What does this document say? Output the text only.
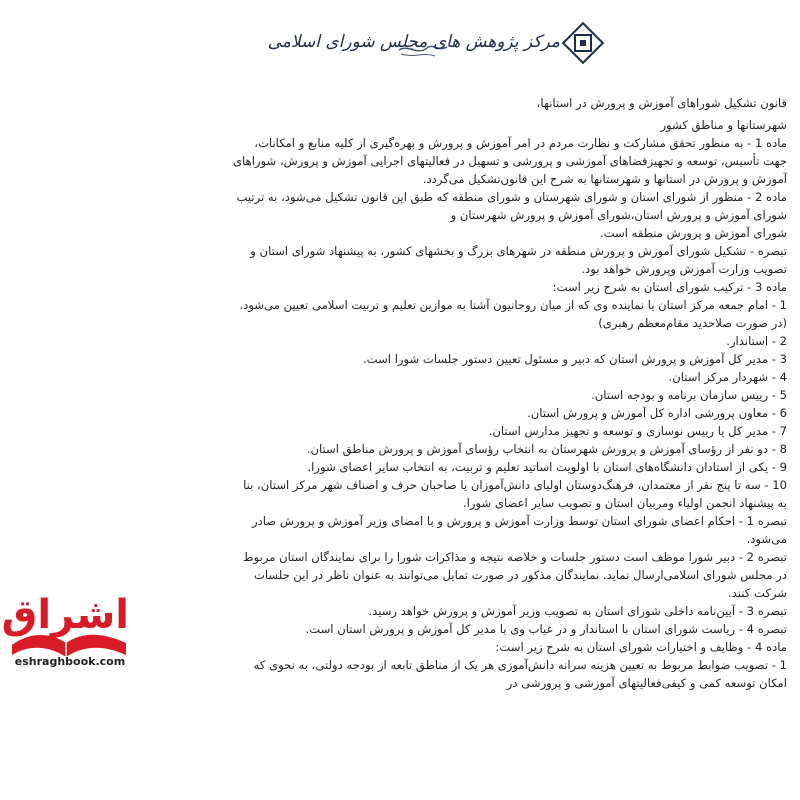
مرکز پژوهش های مجلس شورای اسلامی

قانون تشکیل شوراهای آموزش و پرورش در استانها،

شهرستانها و مناطق کشور

ماده 1 - به منظور تحقق مشارکت و نظارت مردم در امر آموزش و پرورش و بهره‌گیری از کلیه منابع و امکانات، جهت تأسیس، توسعه و تجهیزفضاهای آموزشی و پرورشی و تسهیل در فعالیتهای اجرایی آموزش و پرورش، شوراهای آموزش و پرورش در استانها و شهرستانها به شرح این قانون‌تشکیل می‌گردد.

ماده 2 - منظور از شورای استان و شورای شهرستان و شورای منطقه که طبق این قانون تشکیل می‌شود، به ترتیب شورای آموزش و پرورش استان،شورای آموزش و پرورش شهرستان و

شورای آموزش و پرورش منطقه است.

تبصره - تشکیل شورای آموزش و پرورش منطقه در شهرهای بزرگ و بخشهای کشور، به پیشنهاد شورای استان و تصویب وزارت آموزش وپرورش خواهد بود.

ماده 3 - ترکیب شورای استان به شرح زیر است:

1 - امام جمعه مرکز استان یا نماینده وی که از میان روحانیون آشنا به موازین تعلیم و تربیت اسلامی تعیین می‌شود. (در صورت صلاحدید مقام‌معظم رهبری)

2 - استاندار.

3 - مدیر کل آموزش و پرورش استان که دبیر و مسئول تعیین دستور جلسات شورا است.

4 - شهردار مرکز استان.

5 - رییس سازمان برنامه و بودجه استان.

6 - معاون پرورشی اداره کل آموزش و پرورش استان.

7 - مدیر کل یا رییس نوسازی و توسعه و تجهیز مدارس استان.

8 - دو نفر از رؤسای آموزش و پرورش شهرستان به انتخاب رؤسای آموزش و پرورش مناطق استان.

9 - یکی از استادان دانشگاه‌های استان با اولویت اساتید تعلیم و تربیت، به انتخاب سایر اعضای شورا.

10 - سه تا پنج نفر از معتمدان، فرهنگ‌دوستان اولیای دانش‌آموزان یا صاحبان حرف و اصناف شهر مرکز استان، بنا به پیشنهاد انجمن اولیاء ومربیان استان و تصویب سایر اعضای شورا.

تبصره 1 - احکام اعضای شورای استان توسط وزارت آموزش و پرورش و با امضای وزیر آموزش و پرورش صادر می‌شود.

تبصره 2 - دبیر شورا موظف است دستور جلسات و خلاصه نتیجه و مذاکرات شورا را برای نمایندگان استان مربوط در مجلس شورای اسلامی‌ارسال نماید. نمایندگان مذکور در صورت تمایل می‌توانند به عنوان ناظر در این جلسات شرکت کنند.

تبصره 3 - آیین‌نامه داخلی شورای استان به تصویب وزیر آموزش و پرورش خواهد رسید.

تبصره 4 - ریاست شورای استان با استاندار و در غیاب وی با مدیر کل آموزش و پرورش استان است.

ماده 4 - وظایف و اختیارات شورای استان به شرح زیر است:

1 - تصویب ضوابط مربوط به تعیین هزینه سرانه دانش‌آموزی هر یک از مناطق تابعه از بودجه دولتی، به نحوی که امکان توسعه کمی و کیفی‌فعالیتهای آموزشی و پرورشی در

اشراق
eshraghbook.com
